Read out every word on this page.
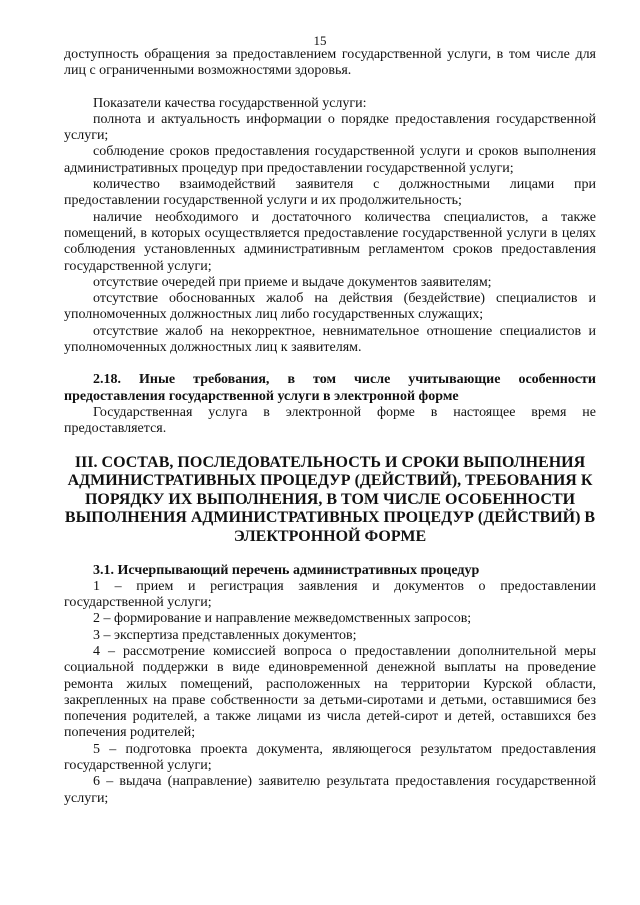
15

доступность обращения за предоставлением государственной услуги, в том числе для лиц с ограниченными возможностями здоровья.

Показатели качества государственной услуги:

полнота и актуальность информации о порядке предоставления государственной услуги;

соблюдение сроков предоставления государственной услуги и сроков выполнения административных процедур при предоставлении государственной услуги;

количество взаимодействий заявителя с должностными лицами при предоставлении государственной услуги и их продолжительность;

наличие необходимого и достаточного количества специалистов, а также помещений, в которых осуществляется предоставление государственной услуги в целях соблюдения установленных административным регламентом сроков предоставления государственной услуги;

отсутствие очередей при приеме и выдаче документов заявителям;

отсутствие обоснованных жалоб на действия (бездействие) специалистов и уполномоченных должностных лиц либо государственных служащих;

отсутствие жалоб на некорректное, невнимательное отношение специалистов и уполномоченных должностных лиц к заявителям.

2.18. Иные требования, в том числе учитывающие особенности предоставления государственной услуги в электронной форме

Государственная услуга в электронной форме в настоящее время не предоставляется.

III. СОСТАВ, ПОСЛЕДОВАТЕЛЬНОСТЬ И СРОКИ ВЫПОЛНЕНИЯ АДМИНИСТРАТИВНЫХ ПРОЦЕДУР (ДЕЙСТВИЙ), ТРЕБОВАНИЯ К ПОРЯДКУ ИХ ВЫПОЛНЕНИЯ, В ТОМ ЧИСЛЕ ОСОБЕННОСТИ ВЫПОЛНЕНИЯ АДМИНИСТРАТИВНЫХ ПРОЦЕДУР (ДЕЙСТВИЙ) В ЭЛЕКТРОННОЙ ФОРМЕ

3.1. Исчерпывающий перечень административных процедур

1 – прием и регистрация заявления и документов о предоставлении государственной услуги;

2 – формирование и направление межведомственных запросов;

3 – экспертиза представленных документов;

4 – рассмотрение комиссией вопроса о предоставлении дополнительной меры социальной поддержки в виде единовременной денежной выплаты на проведение ремонта жилых помещений, расположенных на территории Курской области, закрепленных на праве собственности за детьми-сиротами и детьми, оставшимися без попечения родителей, а также лицами из числа детей-сирот и детей, оставшихся без попечения родителей;

5 – подготовка проекта документа, являющегося результатом предоставления государственной услуги;

6 – выдача (направление) заявителю результата предоставления государственной услуги;
